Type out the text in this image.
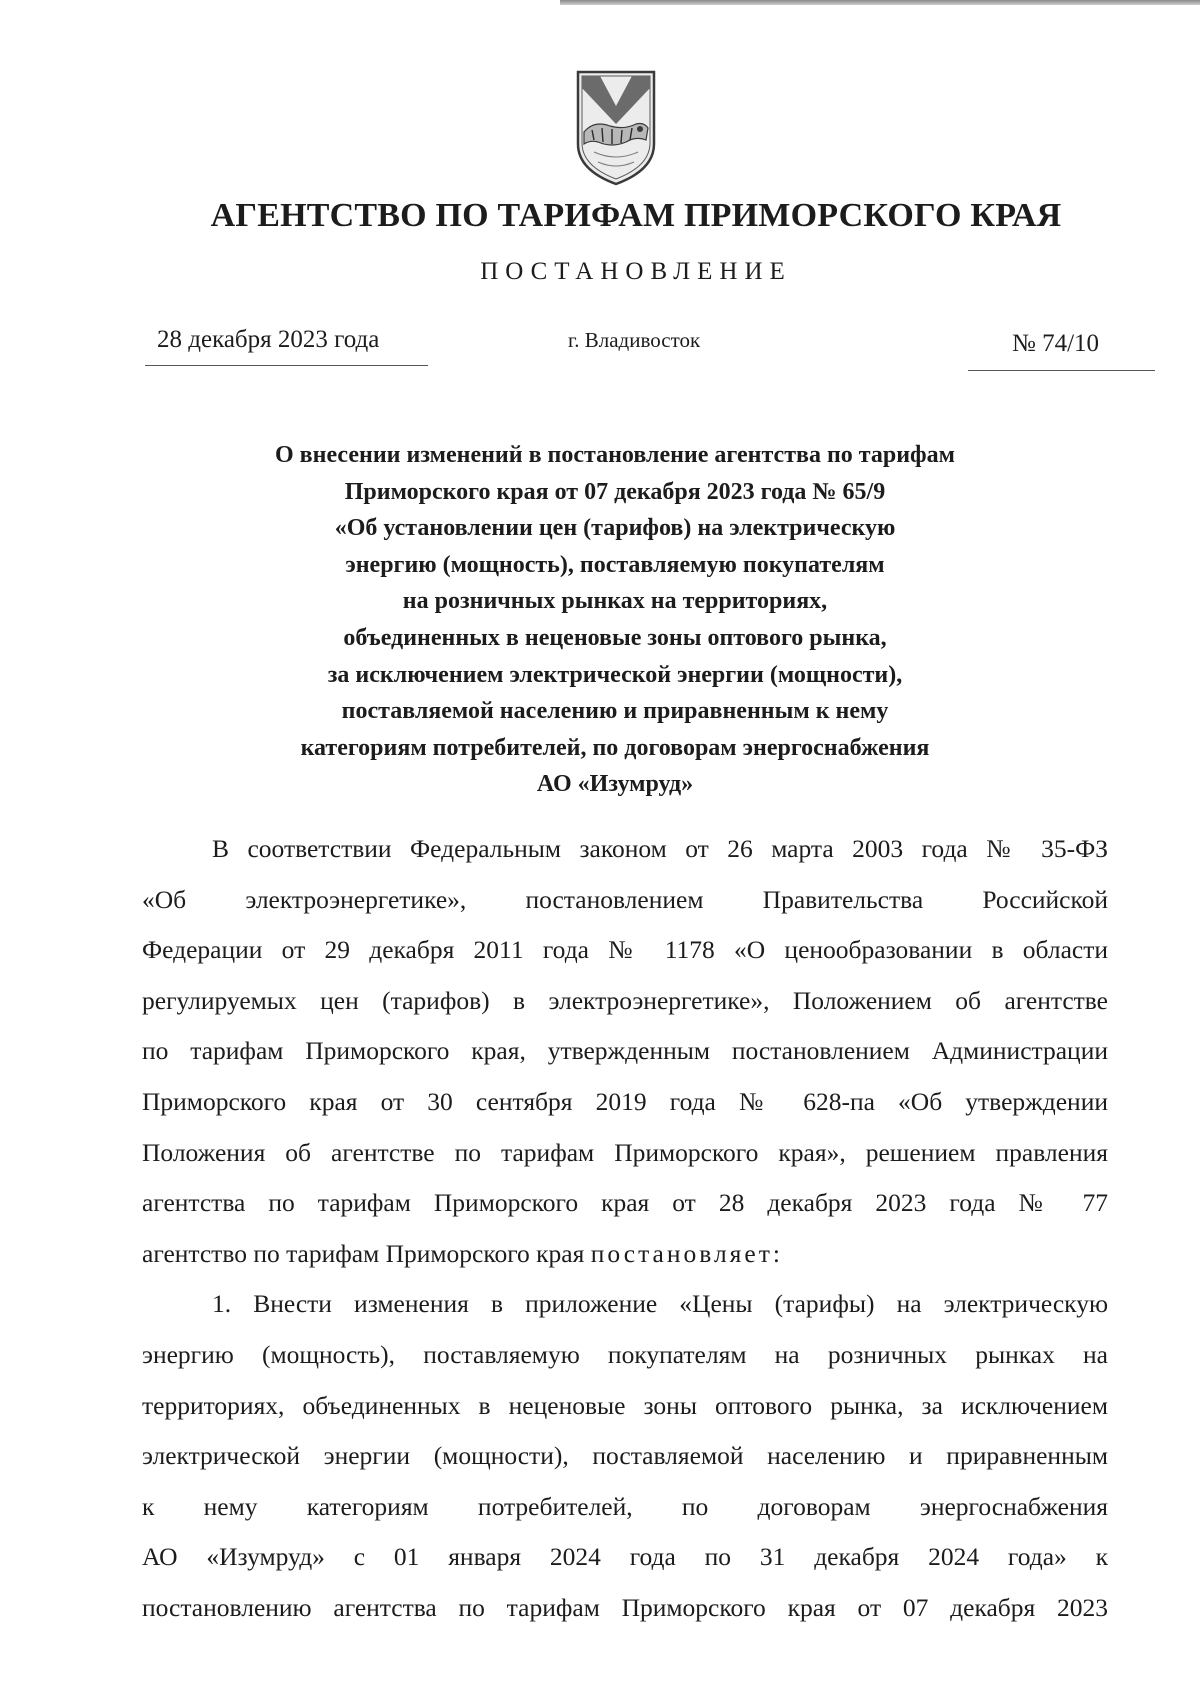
АГЕНТСТВО ПО ТАРИФАМ ПРИМОРСКОГО КРАЯ
ПОСТАНОВЛЕНИЕ
28 декабря 2023 года	г. Владивосток	№ 74/10
О внесении изменений в постановление агентства по тарифам
Приморского края от 07 декабря 2023 года № 65/9
«Об установлении цен (тарифов) на электрическую
энергию (мощность), поставляемую покупателям
на розничных рынках на территориях,
объединенных в неценовые зоны оптового рынка,
за исключением электрической энергии (мощности),
поставляемой населению и приравненным к нему
категориям потребителей, по договорам энергоснабжения
АО «Изумруд»
В соответствии Федеральным законом от 26 марта 2003 года № 35-ФЗ
«Об электроэнергетике», постановлением Правительства Российской
Федерации от 29 декабря 2011 года № 1178 «О ценообразовании в области
регулируемых цен (тарифов) в электроэнергетике», Положением об агентстве
по тарифам Приморского края, утвержденным постановлением Администрации
Приморского края от 30 сентября 2019 года № 628-па «Об утверждении
Положения об агентстве по тарифам Приморского края», решением правления
агентства по тарифам Приморского края от 28 декабря 2023 года № 77
агентство по тарифам Приморского края постановляет:
1. Внести изменения в приложение «Цены (тарифы) на электрическую
энергию (мощность), поставляемую покупателям на розничных рынках на
территориях, объединенных в неценовые зоны оптового рынка, за исключением
электрической энергии (мощности), поставляемой населению и приравненным
к нему категориям потребителей, по договорам энергоснабжения
АО «Изумруд» с 01 января 2024 года по 31 декабря 2024 года» к
постановлению агентства по тарифам Приморского края от 07 декабря 2023
